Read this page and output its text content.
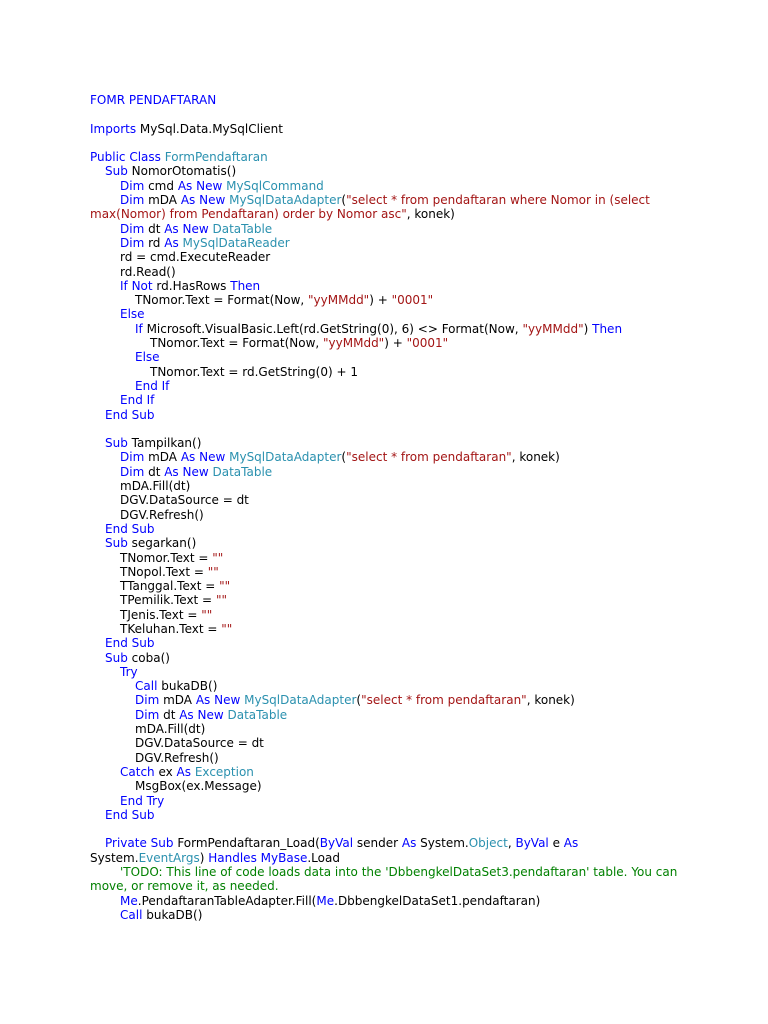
FOMR PENDAFTARAN
Imports MySql.Data.MySqlClient
Public Class FormPendaftaran
Sub NomorOtomatis()
Dim cmd As New MySqlCommand
Dim mDA As New MySqlDataAdapter("select * from pendaftaran where Nomor in (select max(Nomor) from Pendaftaran) order by Nomor asc", konek)
Dim dt As New DataTable
Dim rd As MySqlDataReader
rd = cmd.ExecuteReader
rd.Read()
If Not rd.HasRows Then
TNomor.Text = Format(Now, "yyMMdd") + "0001"
Else
If Microsoft.VisualBasic.Left(rd.GetString(0), 6) <> Format(Now, "yyMMdd") Then
TNomor.Text = Format(Now, "yyMMdd") + "0001"
Else
TNomor.Text = rd.GetString(0) + 1
End If
End If
End Sub
Sub Tampilkan()
Dim mDA As New MySqlDataAdapter("select * from pendaftaran", konek)
Dim dt As New DataTable
mDA.Fill(dt)
DGV.DataSource = dt
DGV.Refresh()
End Sub
Sub segarkan()
TNomor.Text = ""
TNopol.Text = ""
TTanggal.Text = ""
TPemilik.Text = ""
TJenis.Text = ""
TKeluhan.Text = ""
End Sub
Sub coba()
Try
Call bukaDB()
Dim mDA As New MySqlDataAdapter("select * from pendaftaran", konek)
Dim dt As New DataTable
mDA.Fill(dt)
DGV.DataSource = dt
DGV.Refresh()
Catch ex As Exception
MsgBox(ex.Message)
End Try
End Sub
Private Sub FormPendaftaran_Load(ByVal sender As System.Object, ByVal e As System.EventArgs) Handles MyBase.Load
'TODO: This line of code loads data into the 'DbbengkelDataSet3.pendaftaran' table. You can move, or remove it, as needed.
Me.PendaftaranTableAdapter.Fill(Me.DbbengkelDataSet1.pendaftaran)
Call bukaDB()
